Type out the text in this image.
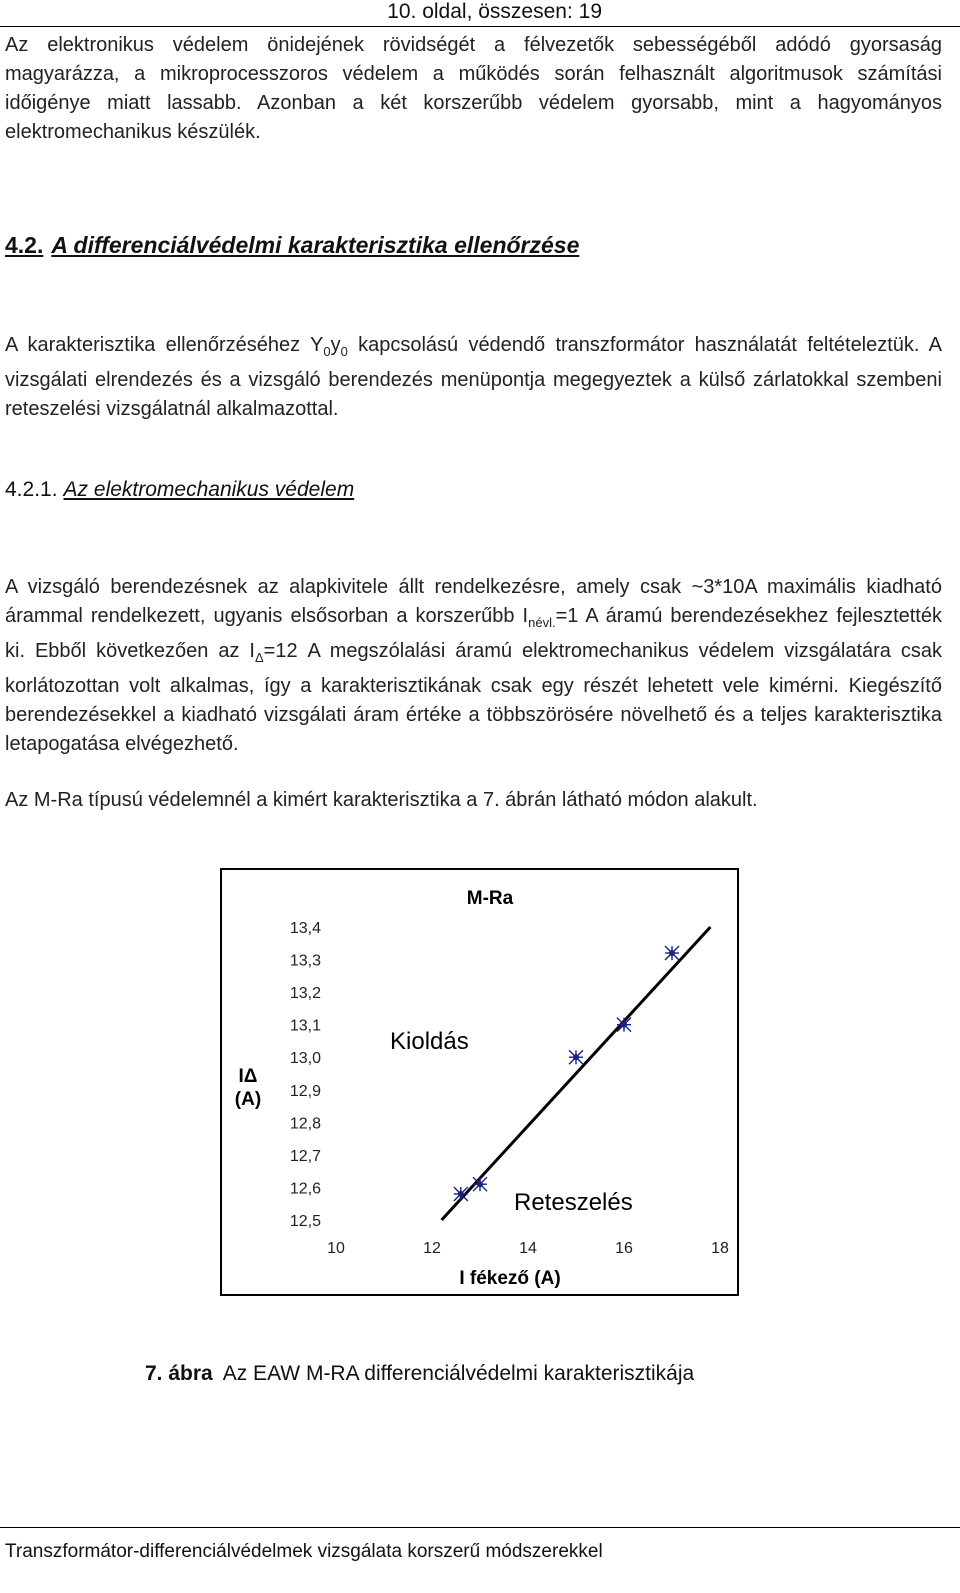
10. oldal, összesen: 19

Az elektronikus védelem önidejének rövidségét a félvezetők sebességéből adódó gyorsaság magyarázza, a mikroprocesszoros védelem a működés során felhasznált algoritmusok számítási időigénye miatt lassabb. Azonban a két korszerűbb védelem gyorsabb, mint a hagyományos elektromechanikus készülék.

4.2. A differenciálvédelmi karakterisztika ellenőrzése

A karakterisztika ellenőrzéséhez $Y_0y_0$ kapcsolású védendő transzformátor használatát feltételeztük. A vizsgálati elrendezés és a vizsgáló berendezés menüpontja megegyeztek a külső zárlatokkal szembeni reteszelési vizsgálatnál alkalmazottal.

4.2.1. Az elektromechanikus védelem

A vizsgáló berendezésnek az alapkivitele állt rendelkezésre, amely csak ~3*10A maximális kiadható árammal rendelkezett, ugyanis elsősorban a korszerűbb $I_{névl.}=1$ A áramú berendezésekhez fejlesztették ki. Ebből következően az $I_\Delta=12$ A megszólalási áramú elektromechanikus védelem vizsgálatára csak korlátozottan volt alkalmas, így a karakterisztikának csak egy részét lehetett vele kimérni. Kiegészítő berendezésekkel a kiadható vizsgálati áram értéke a többszörösére növelhető és a teljes karakterisztika letapogatása elvégezhető.

Az M-Ra típusú védelemnél a kimért karakterisztika a 7. ábrán látható módon alakult.

M-Ra
13,4
13,3
13,2
13,1
13,0
12,9
12,8
12,7
12,6
12,5
10	12	14	16	18
IΔ
(A)
I fékező (A)
Kioldás
Reteszelés
7. ábra Az EAW M-RA differenciálvédelmi karakterisztikája
Transzformátor-differenciálvédelmek vizsgálata korszerű módszerekkel
